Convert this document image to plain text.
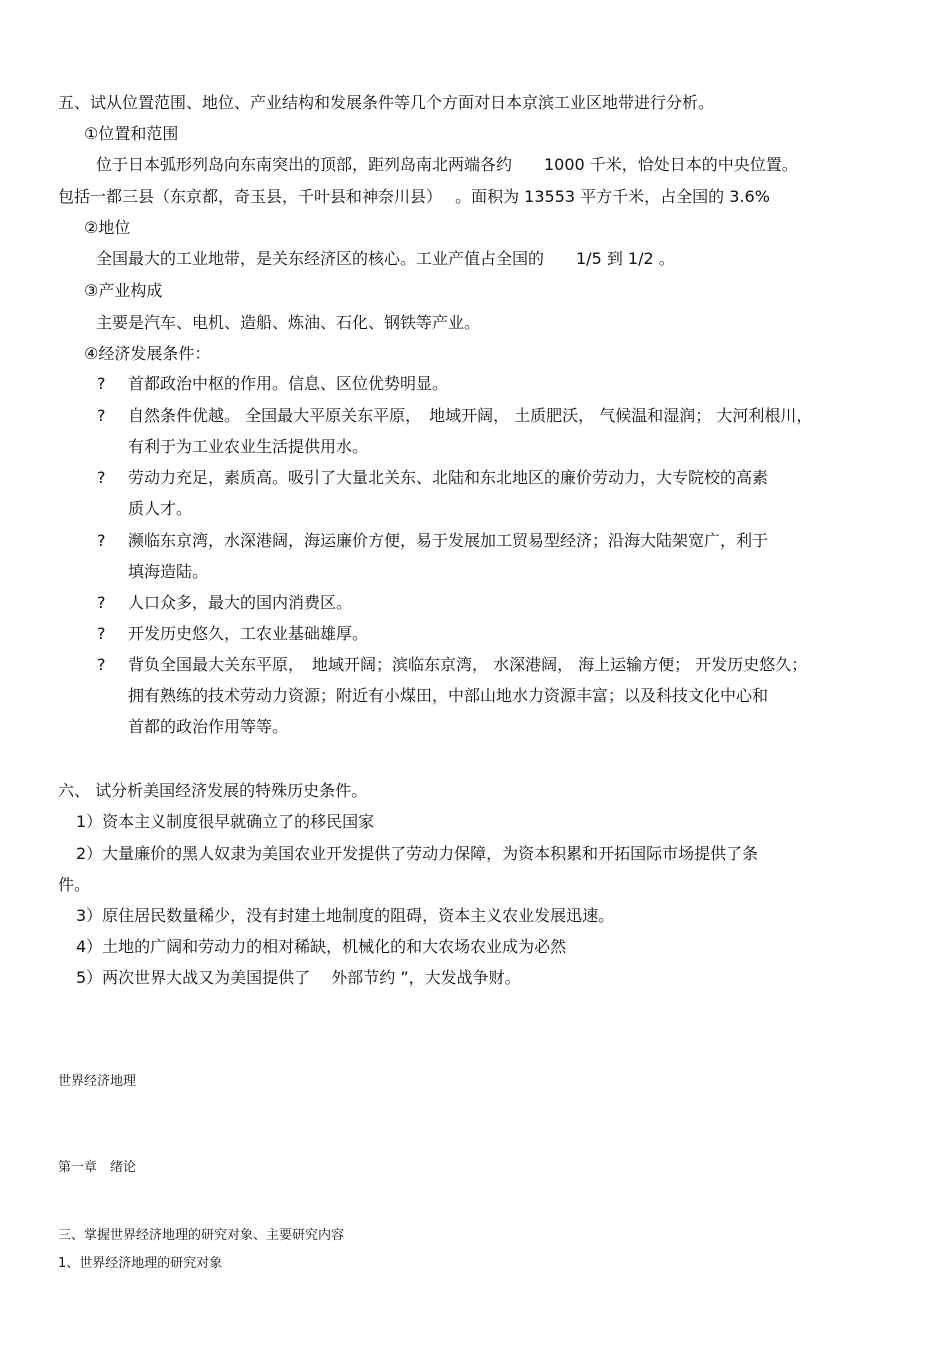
五、试从位置范围、地位、产业结构和发展条件等几个方面对日本京滨工业区地带进行分析。
①位置和范围
位于日本弧形列岛向东南突出的顶部，距列岛南北两端各约　　1000 千米，恰处日本的中央位置。
包括一都三县（东京都，奇玉县，千叶县和神奈川县）　 。面积为 13553 平方千米，占全国的 3.6%
②地位
全国最大的工业地带，是关东经济区的核心。工业产值占全国的　　1/5 到 1/2 。
③产业构成
主要是汽车、电机、造船、炼油、石化、钢铁等产业。
④经济发展条件：
? 首都政治中枢的作用。信息、区位优势明显。
? 自然条件优越。 全国最大平原关东平原，　地域开阔， 土质肥沃， 气候温和湿润； 大河利根川，
有利于为工业农业生活提供用水。
? 劳动力充足，素质高。吸引了大量北关东、北陆和东北地区的廉价劳动力，大专院校的高素
质人才。
? 濒临东京湾，水深港阔，海运廉价方便，易于发展加工贸易型经济；沿海大陆架宽广，利于
填海造陆。
? 人口众多，最大的国内消费区。
? 开发历史悠久，工农业基础雄厚。
? 背负全国最大关东平原，　地域开阔；滨临东京湾， 水深港阔， 海上运输方便； 开发历史悠久；
拥有熟练的技术劳动力资源；附近有小煤田，中部山地水力资源丰富；以及科技文化中心和
首都的政治作用等等。
六、 试分析美国经济发展的特殊历史条件。
1）资本主义制度很早就确立了的移民国家
2）大量廉价的黑人奴隶为美国农业开发提供了劳动力保障，为资本积累和开拓国际市场提供了条
件。
3）原住居民数量稀少，没有封建土地制度的阻碍，资本主义农业发展迅速。
4）土地的广阔和劳动力的相对稀缺，机械化的和大农场农业成为必然
5）两次世界大战又为美国提供了　 外部节约 ”，大发战争财。
世界经济地理
第一章　绪论
三、掌握世界经济地理的研究对象、主要研究内容
1、世界经济地理的研究对象
